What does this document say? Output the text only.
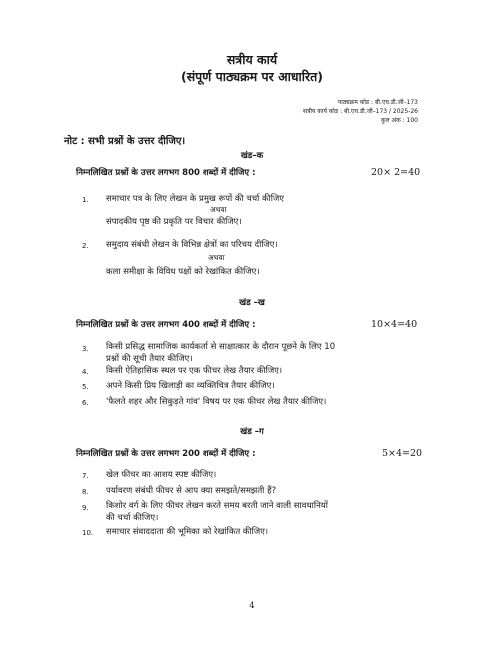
सत्रीय कार्य
(संपूर्ण पाठ्यक्रम पर आधारित)
पाठ्यक्रम कोड : बी.एच.डी.जी–173
सत्रीय कार्य कोड : बी.एच.डी.जी–173 / 2025-26
कुल अंक : 100
नोट : सभी प्रश्नों के उत्तर दीजिए।
खंड–क
निम्नलिखित प्रश्नों के उत्तर लगभग 800 शब्दों में दीजिए :	20× 2=40
1. समाचार पत्र के लिए लेखन के प्रमुख रूपों की चर्चा कीजिए
अथवा
संपादकीय पृष्ठ की प्रकृति पर विचार कीजिए।
2. समुदाय संबंधी लेखन के विभिन्न क्षेत्रों का परिचय दीजिए।
अथवा
कला समीक्षा के विविध पक्षों को रेखांकित कीजिए।
खंड –ख
निम्नलिखित प्रश्नों के उत्तर लगभग 400 शब्दों में दीजिए :	10×4=40
3. किसी प्रसिद्ध सामाजिक कार्यकर्ता से साक्षात्कार के दौरान पूछने के लिए 10
प्रश्नों की सूची तैयार कीजिए।
4. किसी ऐतिहासिक स्थल पर एक फीचर लेख तैयार कीजिए।
5. अपने किसी प्रिय खिलाड़ी का व्यक्तिचित्र तैयार कीजिए।
6. 'फैलते शहर और सिकुड़ते गांव' विषय पर एक फीचर लेख तैयार कीजिए।
खंड –ग
निम्नलिखित प्रश्नों के उत्तर लगभग 200 शब्दों में दीजिए :	5×4=20
7. खेल फीचर का आशय स्पष्ट कीजिए।
8. पर्यावरण संबंधी फीचर से आप क्या समझते/समझती हैं?
9. किशोर वर्ग के लिए फीचर लेखन करते समय बरती जाने वाली सावधानियों
की चर्चा कीजिए।
10. समाचार संवाददाता की भूमिका को रेखांकित कीजिए।
4
